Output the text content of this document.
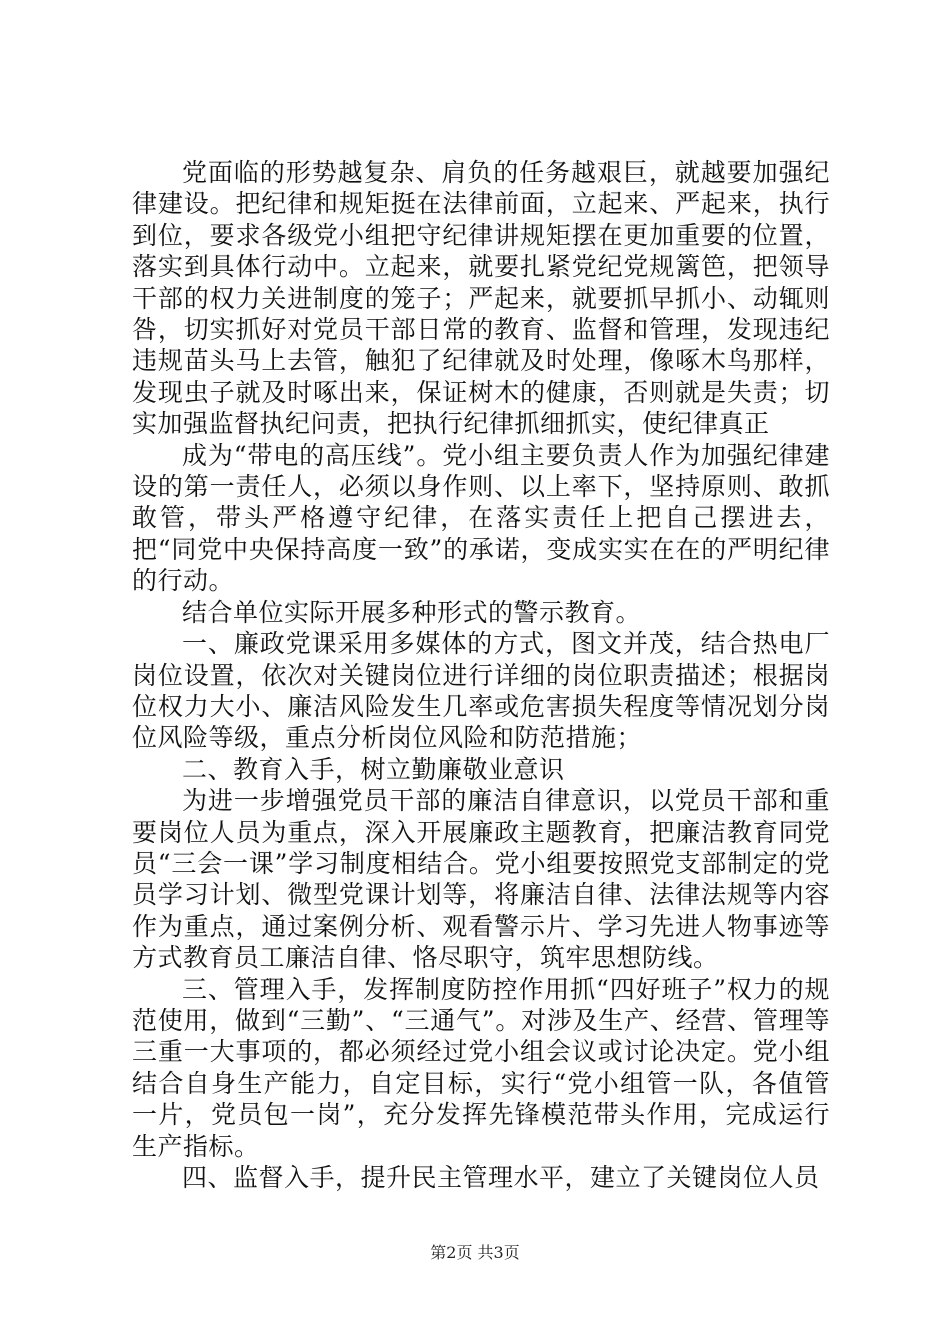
党面临的形势越复杂、肩负的任务越艰巨，就越要加强纪律建设。把纪律和规矩挺在法律前面，立起来、严起来，执行到位，要求各级党小组把守纪律讲规矩摆在更加重要的位置，落实到具体行动中。立起来，就要扎紧党纪党规篱笆，把领导干部的权力关进制度的笼子；严起来，就要抓早抓小、动辄则咎，切实抓好对党员干部日常的教育、监督和管理，发现违纪违规苗头马上去管，触犯了纪律就及时处理，像啄木鸟那样，发现虫子就及时啄出来，保证树木的健康，否则就是失责；切实加强监督执纪问责，把执行纪律抓细抓实，使纪律真正

成为“带电的高压线”。党小组主要负责人作为加强纪律建设的第一责任人，必须以身作则、以上率下，坚持原则、敢抓敢管，带头严格遵守纪律，在落实责任上把自己摆进去，把“同党中央保持高度一致”的承诺，变成实实在在的严明纪律的行动。

结合单位实际开展多种形式的警示教育。

一、廉政党课采用多媒体的方式，图文并茂，结合热电厂岗位设置，依次对关键岗位进行详细的岗位职责描述；根据岗位权力大小、廉洁风险发生几率或危害损失程度等情况划分岗位风险等级，重点分析岗位风险和防范措施；

二、教育入手，树立勤廉敬业意识

为进一步增强党员干部的廉洁自律意识，以党员干部和重要岗位人员为重点，深入开展廉政主题教育，把廉洁教育同党员“三会一课”学习制度相结合。党小组要按照党支部制定的党员学习计划、微型党课计划等，将廉洁自律、法律法规等内容作为重点，通过案例分析、观看警示片、学习先进人物事迹等方式教育员工廉洁自律、恪尽职守，筑牢思想防线。

三、管理入手，发挥制度防控作用抓“四好班子”权力的规范使用，做到“三勤”、“三通气”。对涉及生产、经营、管理等三重一大事项的，都必须经过党小组会议或讨论决定。党小组结合自身生产能力，自定目标，实行“党小组管一队，各值管一片，党员包一岗”，充分发挥先锋模范带头作用，完成运行生产指标。

四、监督入手，提升民主管理水平，建立了关键岗位人员

第2页 共3页
